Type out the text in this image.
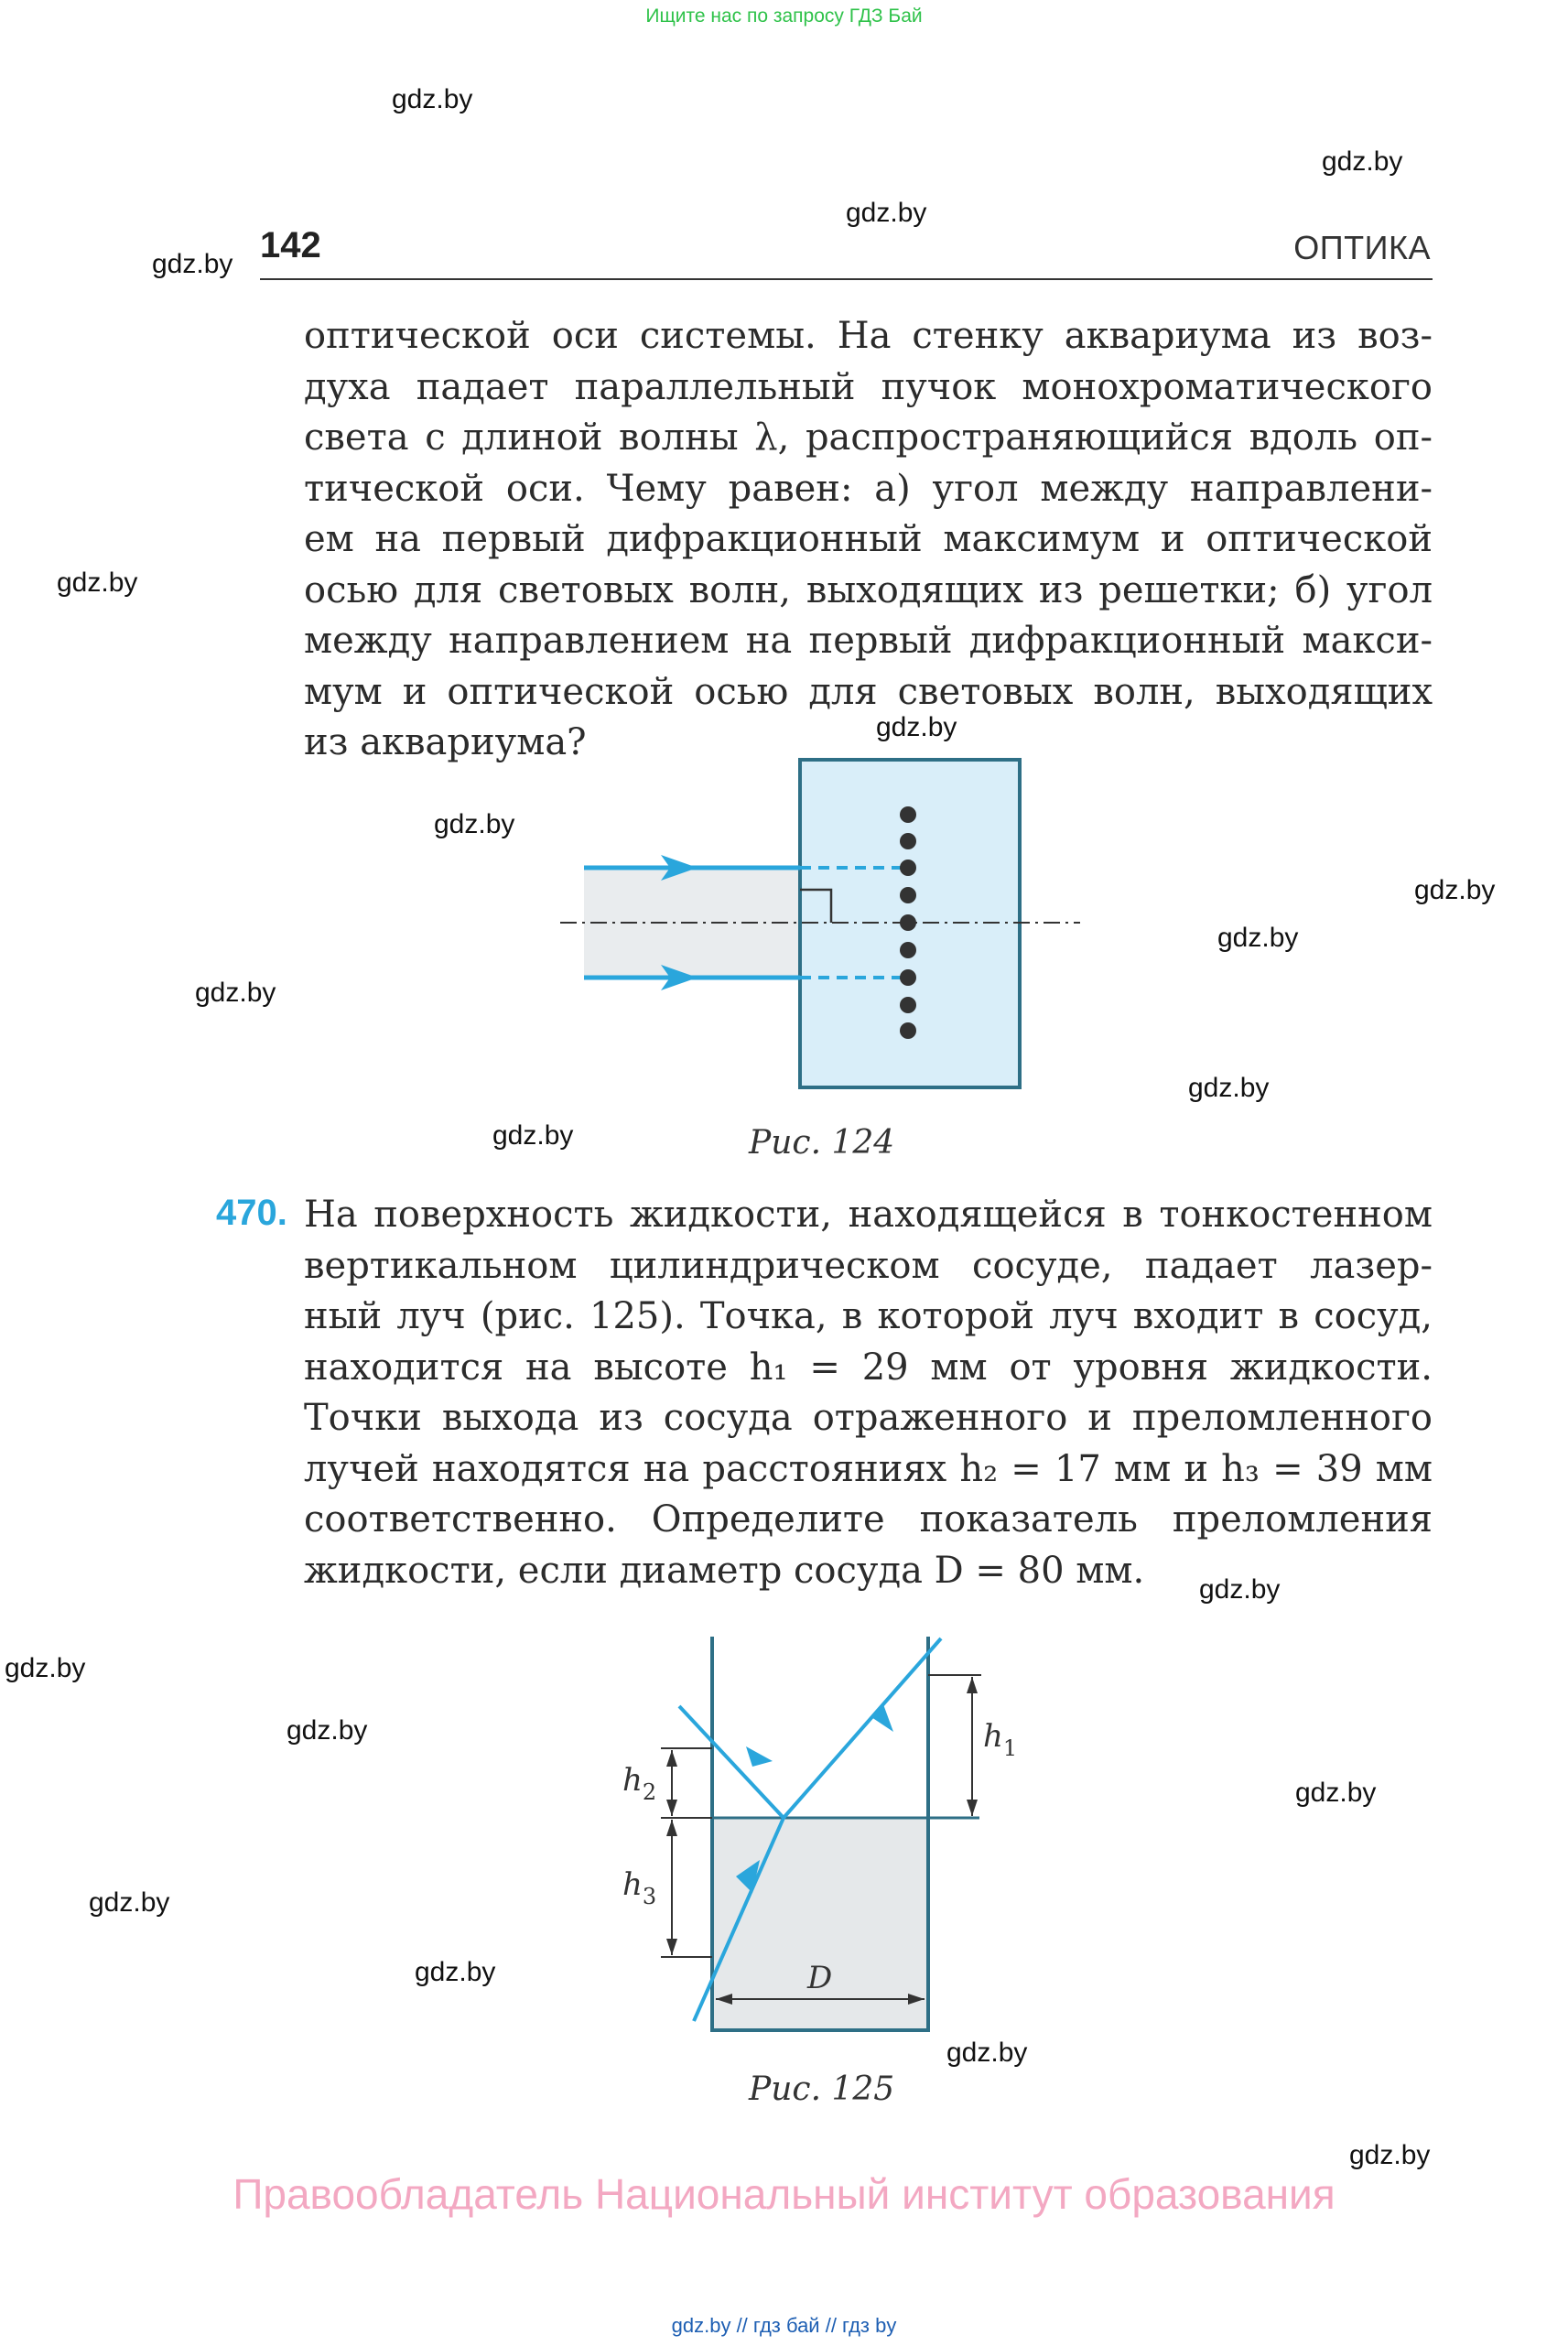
Ищите нас по запросу ГДЗ Бай
gdz.by
gdz.by
gdz.by
gdz.by
gdz.by
gdz.by
gdz.by
gdz.by
gdz.by
gdz.by
gdz.by
gdz.by
gdz.by
gdz.by
gdz.by
gdz.by
gdz.by
gdz.by
gdz.by
gdz.by
142	ОПТИКА
оптической оси системы. На стенку аквариума из воз-
духа падает параллельный пучок монохроматического
света с длиной волны λ, распространяющийся вдоль оп-
тической оси. Чему равен: а) угол между направлени-
ем на первый дифракционный максимум и оптической
осью для световых волн, выходящих из решетки; б) угол
между направлением на первый дифракционный макси-
мум и оптической осью для световых волн, выходящих
из аквариума?
Рис. 124
470. На поверхность жидкости, находящейся в тонкостенном
вертикальном цилиндрическом сосуде, падает лазер-
ный луч (рис. 125). Точка, в которой луч входит в сосуд,
находится на высоте h₁ = 29 мм от уровня жидкости.
Точки выхода из сосуда отраженного и преломленного
лучей находятся на расстояниях h₂ = 17 мм и h₃ = 39 мм
соответственно. Определите показатель преломления
жидкости, если диаметр сосуда D = 80 мм.
$h_1$
$h_2$
$h_3$
D
Рис. 125
Правообладатель Национальный институт образования
gdz.by // гдз бай // гдз by
